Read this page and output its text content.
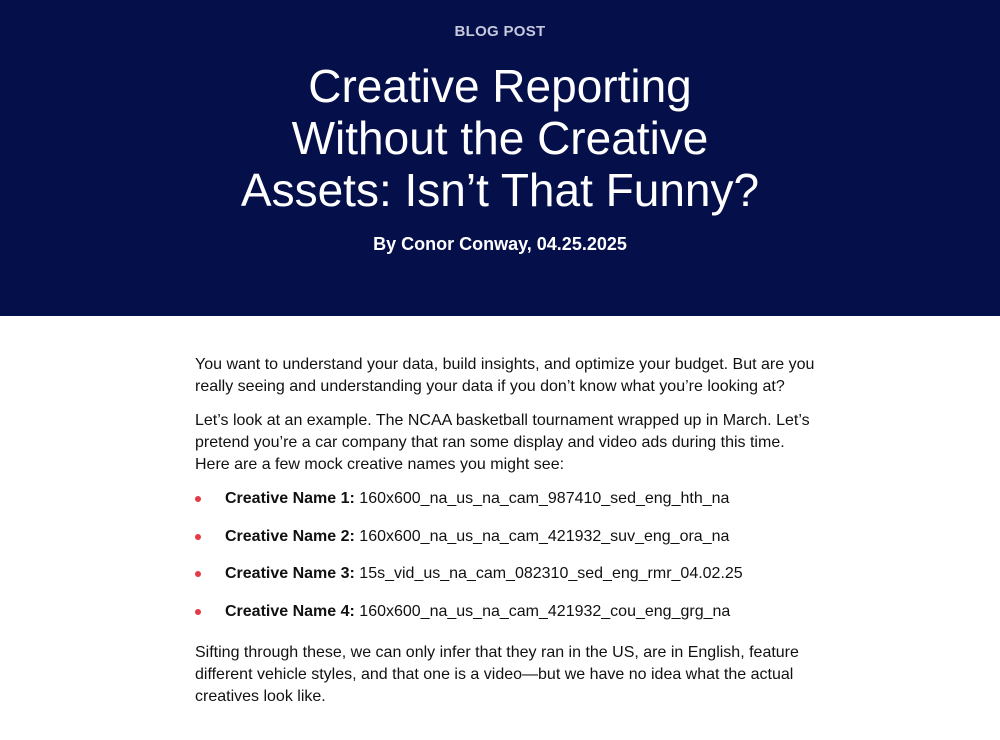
BLOG POST
Creative Reporting
Without the Creative
Assets: Isn’t That Funny?
By Conor Conway, 04.25.2025

You want to understand your data, build insights, and optimize your budget. But are you really seeing and understanding your data if you don’t know what you’re looking at?

Let’s look at an example. The NCAA basketball tournament wrapped up in March. Let’s pretend you’re a car company that ran some display and video ads during this time. Here are a few mock creative names you might see:

Creative Name 1: 160x600_na_us_na_cam_987410_sed_eng_hth_na
Creative Name 2: 160x600_na_us_na_cam_421932_suv_eng_ora_na
Creative Name 3: 15s_vid_us_na_cam_082310_sed_eng_rmr_04.02.25
Creative Name 4: 160x600_na_us_na_cam_421932_cou_eng_grg_na

Sifting through these, we can only infer that they ran in the US, are in English, feature different vehicle styles, and that one is a video—but we have no idea what the actual creatives look like.
